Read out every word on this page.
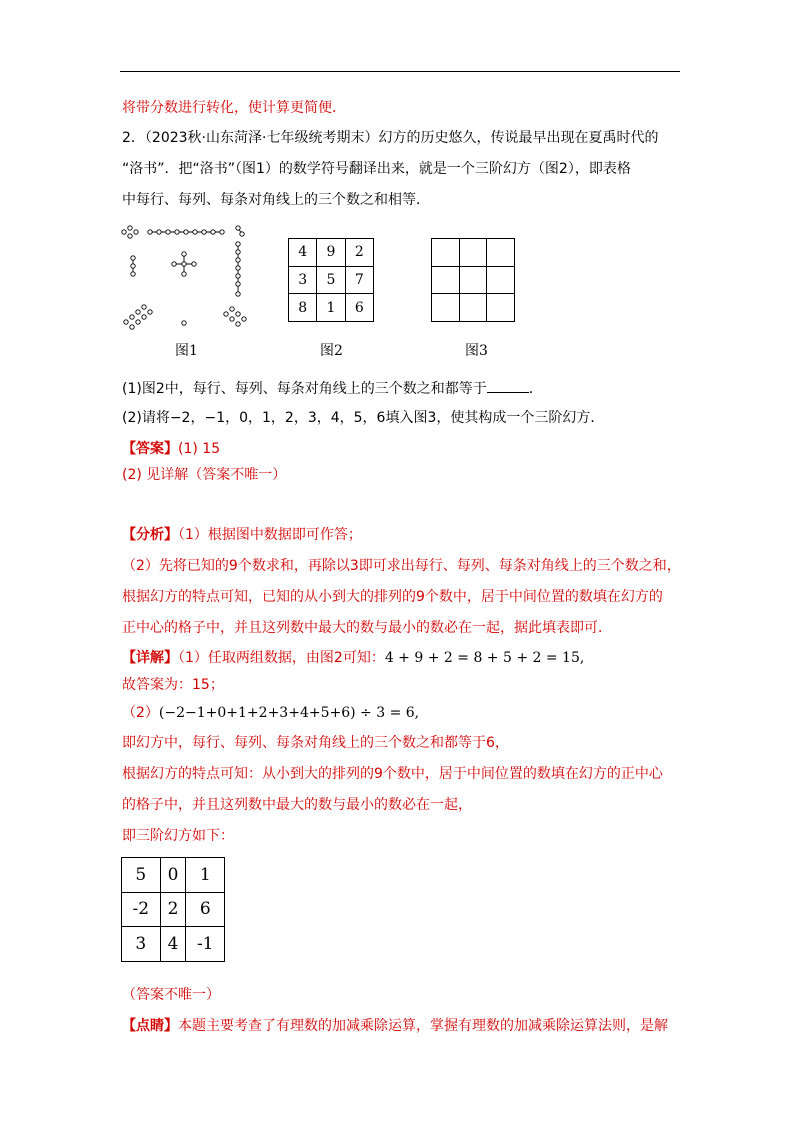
将带分数进行转化，使计算更简便．
2．（2023秋·山东菏泽·七年级统考期末）幻方的历史悠久，传说最早出现在夏禹时代的
“洛书”．把“洛书”（图1）的数学符号翻译出来，就是一个三阶幻方（图2），即表格
中每行、每列、每条对角线上的三个数之和相等．
图1
4	9	2
3	5	7
8	1	6
图2

			图3
(1)图2中，每行、每列、每条对角线上的三个数之和都等于	．
(2)请将−2，−1，0，1，2，3，4，5，6填入图3，使其构成一个三阶幻方．
【答案】(1) 15
(2) 见详解（答案不唯一）
【分析】（1）根据图中数据即可作答；
（2）先将已知的9个数求和，再除以3即可求出每行、每列、每条对角线上的三个数之和，
根据幻方的特点可知，已知的从小到大的排列的9个数中，居于中间位置的数填在幻方的
正中心的格子中，并且这列数中最大的数与最小的数必在一起，据此填表即可．
【详解】（1）任取两组数据，由图2可知：4 + 9 + 2 = 8 + 5 + 2 = 15,
故答案为：15；
（2）(−2−1+0+1+2+3+4+5+6) ÷ 3 = 6,
即幻方中，每行、每列、每条对角线上的三个数之和都等于6，
根据幻方的特点可知：从小到大的排列的9个数中，居于中间位置的数填在幻方的正中心
的格子中，并且这列数中最大的数与最小的数必在一起，
即三阶幻方如下：
5	0	1
-2	2	6
3	4	-1
（答案不唯一）
【点睛】本题主要考查了有理数的加减乘除运算，掌握有理数的加减乘除运算法则，是解
